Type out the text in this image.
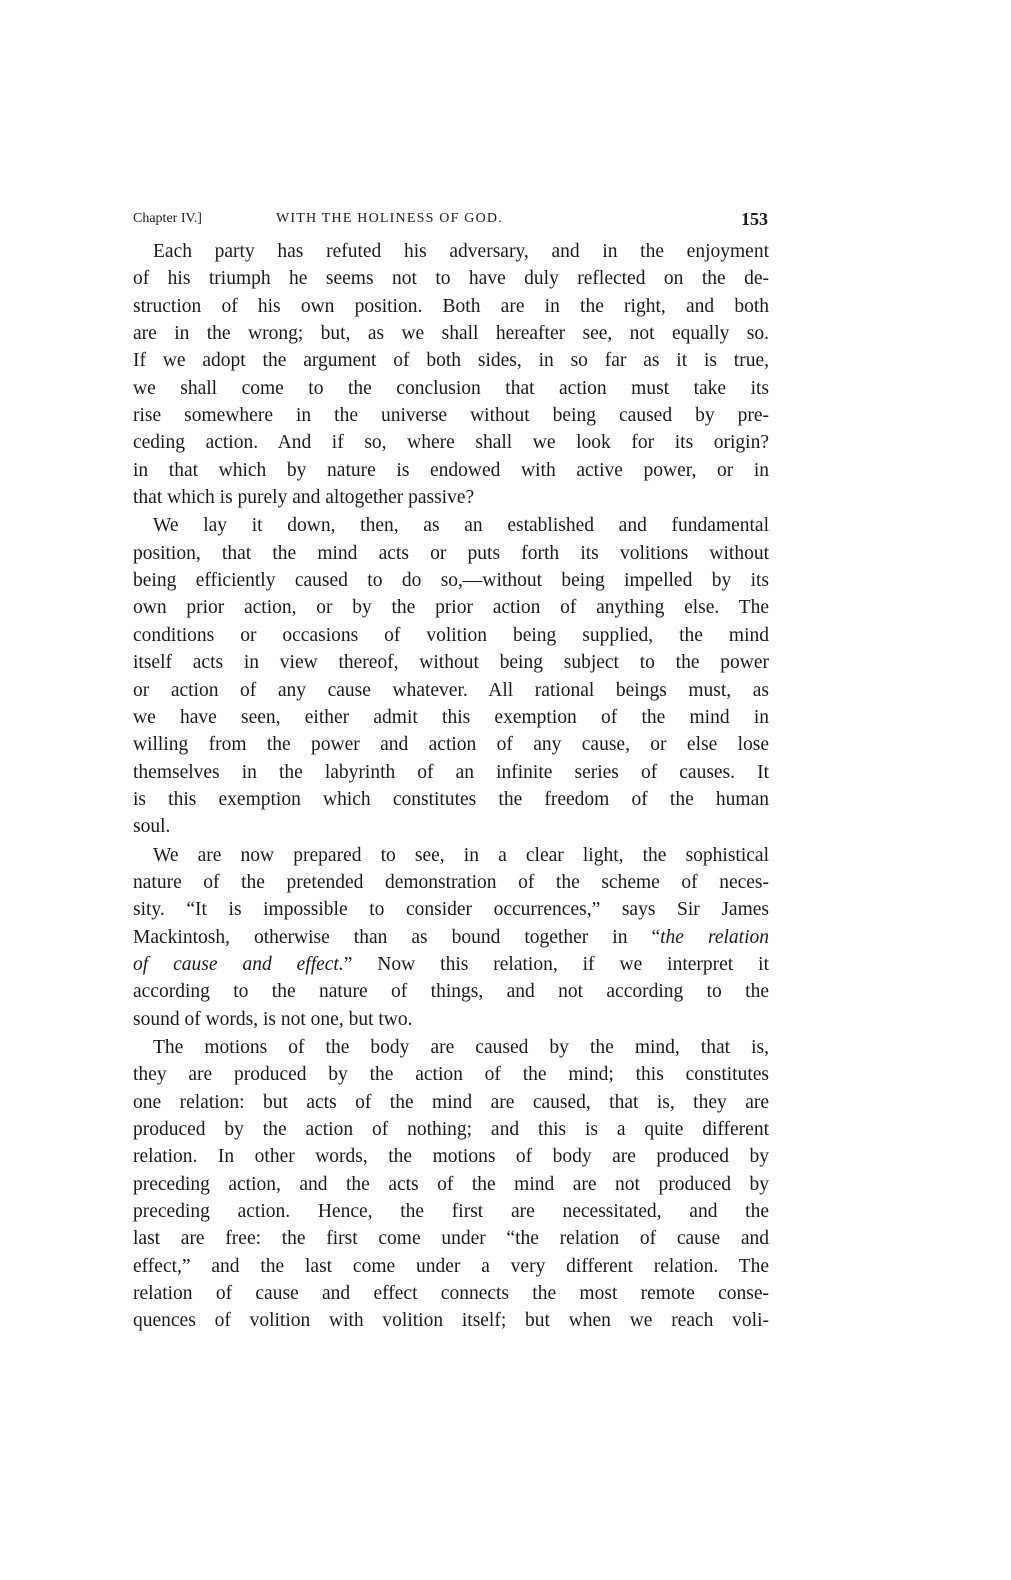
Chapter IV.]	WITH THE HOLINESS OF GOD.	153
Each party has refuted his adversary, and in the enjoyment
of his triumph he seems not to have duly reflected on the de-
struction of his own position. Both are in the right, and both
are in the wrong; but, as we shall hereafter see, not equally so.
If we adopt the argument of both sides, in so far as it is true,
we shall come to the conclusion that action must take its
rise somewhere in the universe without being caused by pre-
ceding action. And if so, where shall we look for its origin?
in that which by nature is endowed with active power, or in
that which is purely and altogether passive?
We lay it down, then, as an established and fundamental
position, that the mind acts or puts forth its volitions without
being efficiently caused to do so,—without being impelled by its
own prior action, or by the prior action of anything else. The
conditions or occasions of volition being supplied, the mind
itself acts in view thereof, without being subject to the power
or action of any cause whatever. All rational beings must, as
we have seen, either admit this exemption of the mind in
willing from the power and action of any cause, or else lose
themselves in the labyrinth of an infinite series of causes. It
is this exemption which constitutes the freedom of the human
soul.
We are now prepared to see, in a clear light, the sophistical
nature of the pretended demonstration of the scheme of neces-
sity. “It is impossible to consider occurrences,” says Sir James
Mackintosh, otherwise than as bound together in “the relation
of cause and effect.” Now this relation, if we interpret it
according to the nature of things, and not according to the
sound of words, is not one, but two.
The motions of the body are caused by the mind, that is,
they are produced by the action of the mind; this constitutes
one relation: but acts of the mind are caused, that is, they are
produced by the action of nothing; and this is a quite different
relation. In other words, the motions of body are produced by
preceding action, and the acts of the mind are not produced by
preceding action. Hence, the first are necessitated, and the
last are free: the first come under “the relation of cause and
effect,” and the last come under a very different relation. The
relation of cause and effect connects the most remote conse-
quences of volition with volition itself; but when we reach voli-
